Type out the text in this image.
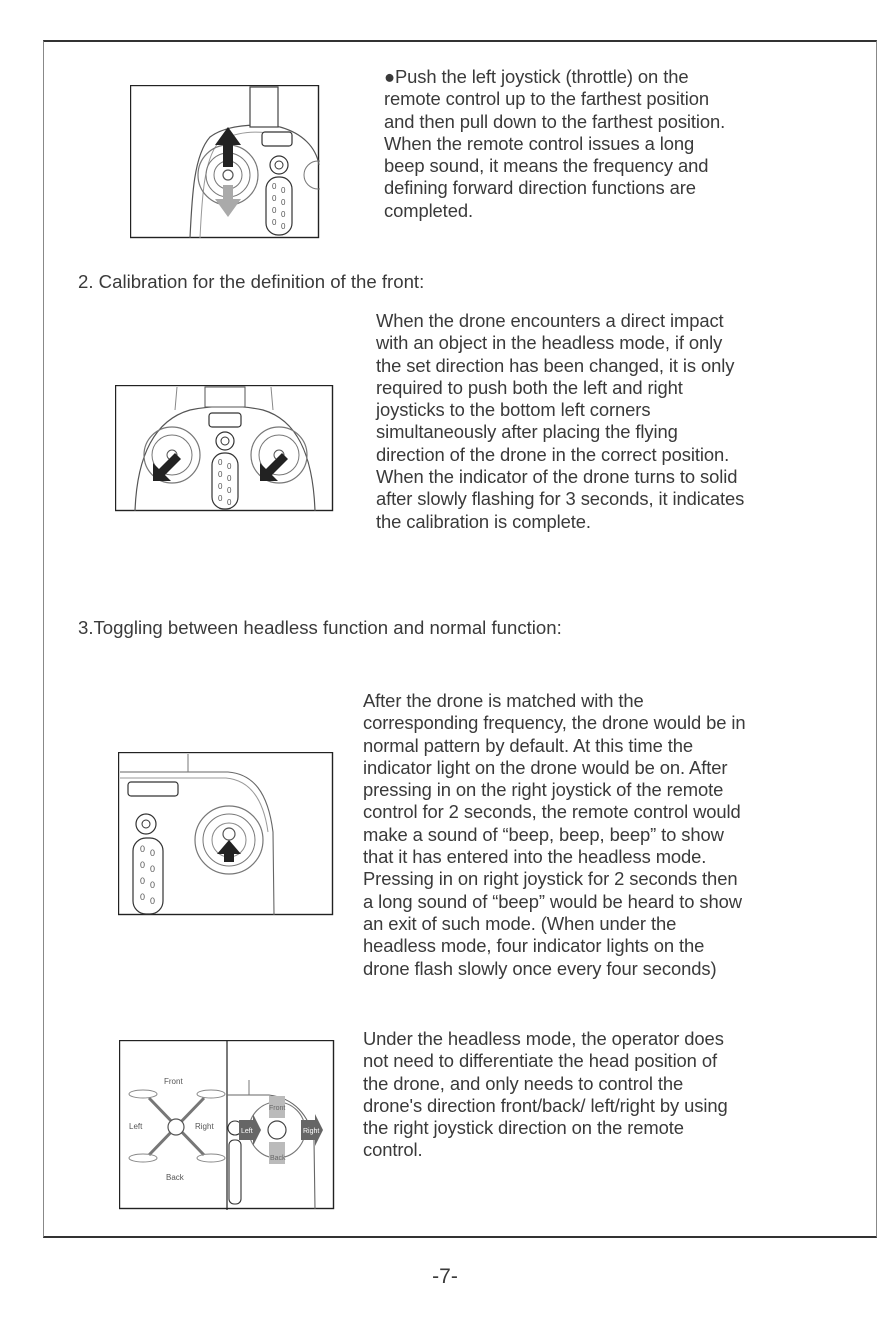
0 0
0 0
0 0
0 0
●Push the left joystick (throttle) on the
remote control up to the farthest position
and then pull down to the farthest position.
When the remote control issues a long
beep sound, it means the frequency and
defining forward direction functions are
completed.
2. Calibration for the definition of the front:
0 0
0 0
0 0
0 0
When the drone encounters a direct impact
with an object in the headless mode, if only
the set direction has been changed, it is only
required to push both the left and right
joysticks to the bottom left corners
simultaneously after placing the flying
direction of the drone in the correct position.
When the indicator of the drone turns to solid
after slowly flashing for 3 seconds, it indicates
the calibration is complete.
3.Toggling between headless function and normal function:
0 0
0 0
0 0
0 0
After the drone is matched with the
corresponding frequency, the drone would be in
normal pattern by default. At this time the
indicator light on the drone would be on. After
pressing in on the right joystick of the remote
control for 2 seconds, the remote control would
make a sound of “beep, beep, beep” to show
that it has entered into the headless mode.
Pressing in on right joystick for 2 seconds then
a long sound of “beep” would be heard to show
an exit of such mode. (When under the
headless mode, four indicator lights on the
drone flash slowly once every four seconds)
Front
Back
Left	Right
Left	Right
Front
Back
Under the headless mode, the operator does
not need to differentiate the head position of
the drone, and only needs to control the
drone's direction front/back/ left/right by using
the right joystick direction on the remote
control.
-7-
